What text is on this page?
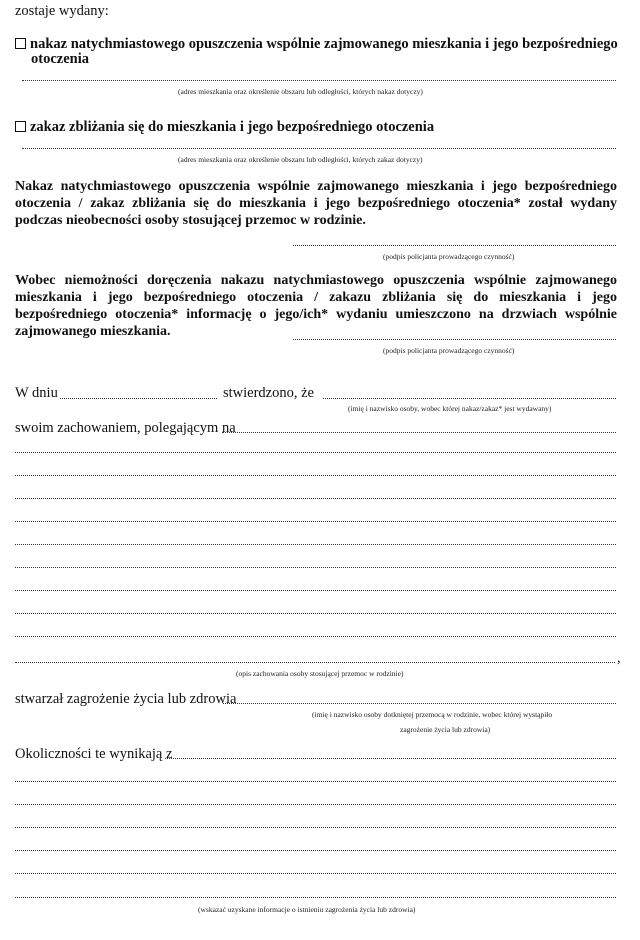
zostaje wydany:
nakaz natychmiastowego opuszczenia wspólnie zajmowanego mieszkania i jego bezpośredniego
otoczenia
(adres mieszkania oraz określenie obszaru lub odległości, których nakaz dotyczy)
zakaz zbliżania się do mieszkania i jego bezpośredniego otoczenia
(adres mieszkania oraz określenie obszaru lub odległości, których zakaz dotyczy)
Nakaz natychmiastowego opuszczenia wspólnie zajmowanego mieszkania i jego bezpośredniego otoczenia / zakaz zbliżania się do mieszkania i jego bezpośredniego otoczenia* został wydany podczas nieobecności osoby stosującej przemoc w rodzinie.
(podpis policjanta prowadzącego czynność)
Wobec niemożności doręczenia nakazu natychmiastowego opuszczenia wspólnie zajmowanego mieszkania i jego bezpośredniego otoczenia / zakazu zbliżania się do mieszkania i jego bezpośredniego otoczenia* informację o jego/ich* wydaniu umieszczono na drzwiach wspólnie zajmowanego mieszkania.
(podpis policjanta prowadzącego czynność)
W dniu	stwierdzono, że
(imię i nazwisko osoby, wobec której nakaz/zakaz* jest wydawany)
swoim zachowaniem, polegającym na
,
(opis zachowania osoby stosującej przemoc w rodzinie)
stwarzał zagrożenie życia lub zdrowia
(imię i nazwisko osoby dotkniętej przemocą w rodzinie, wobec której wystąpiło
zagrożenie życia lub zdrowia)
Okoliczności te wynikają z
(wskazać uzyskane informacje o istnieniu zagrożenia życia lub zdrowia)
